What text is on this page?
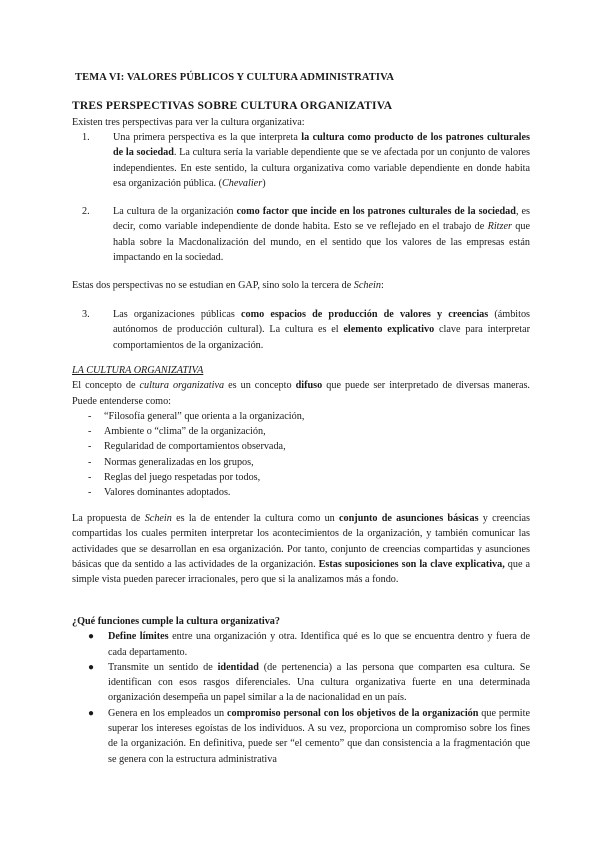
TEMA VI: VALORES PÚBLICOS Y CULTURA ADMINISTRATIVA
TRES PERSPECTIVAS SOBRE CULTURA ORGANIZATIVA
Existen tres perspectivas para ver la cultura organizativa:
1. Una primera perspectiva es la que interpreta la cultura como producto de los patrones culturales de la sociedad. La cultura sería la variable dependiente que se ve afectada por un conjunto de valores independientes. En este sentido, la cultura organizativa como variable dependiente en donde habita esa organización pública. (Chevalier)
2. La cultura de la organización como factor que incide en los patrones culturales de la sociedad, es decir, como variable independiente de donde habita. Esto se ve reflejado en el trabajo de Ritzer que habla sobre la Macdonalización del mundo, en el sentido que los valores de las empresas están impactando en la sociedad.
Estas dos perspectivas no se estudian en GAP, sino solo la tercera de Schein:
3. Las organizaciones públicas como espacios de producción de valores y creencias (ámbitos autónomos de producción cultural). La cultura es el elemento explicativo clave para interpretar comportamientos de la organización.
LA CULTURA ORGANIZATIVA
El concepto de cultura organizativa es un concepto difuso que puede ser interpretado de diversas maneras. Puede entenderse como:
- “Filosofía general” que orienta a la organización,
- Ambiente o “clima” de la organización,
- Regularidad de comportamientos observada,
- Normas generalizadas en los grupos,
- Reglas del juego respetadas por todos,
- Valores dominantes adoptados.
La propuesta de Schein es la de entender la cultura como un conjunto de asunciones básicas y creencias compartidas los cuales permiten interpretar los acontecimientos de la organización, y también comunicar las actividades que se desarrollan en esa organización. Por tanto, conjunto de creencias compartidas y asunciones básicas que da sentido a las actividades de la organización. Estas suposiciones son la clave explicativa, que a simple vista pueden parecer irracionales, pero que si la analizamos más a fondo.
¿Qué funciones cumple la cultura organizativa?
● Define límites entre una organización y otra. Identifica qué es lo que se encuentra dentro y fuera de cada departamento.
● Transmite un sentido de identidad (de pertenencia) a las persona que comparten esa cultura. Se identifican con esos rasgos diferenciales. Una cultura organizativa fuerte en una determinada organización desempeña un papel similar a la de nacionalidad en un país.
● Genera en los empleados un compromiso personal con los objetivos de la organización que permite superar los intereses egoístas de los individuos. A su vez, proporciona un compromiso sobre los fines de la organización. En definitiva, puede ser “el cemento” que dan consistencia a la fragmentación que se genera con la estructura administrativa
